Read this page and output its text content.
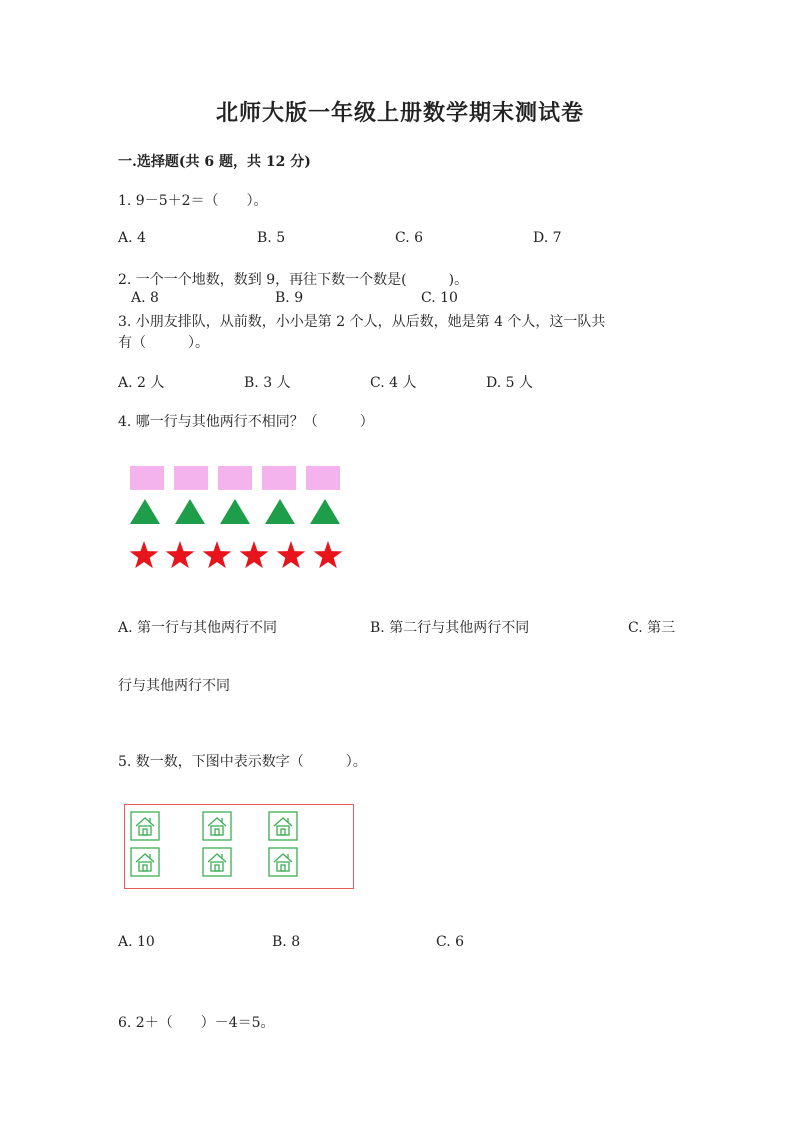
北师大版一年级上册数学期末测试卷
一.选择题(共 6 题，共 12 分)
1. 9－5＋2＝（　　）。
A. 4	B. 5	C. 6	D. 7
2. 一个一个地数，数到 9，再往下数一个数是(　　　)。
A. 8	B. 9	C. 10
3. 小朋友排队，从前数，小小是第 2 个人，从后数，她是第 4 个人，这一队共
有（　　　）。
A. 2 人	B. 3 人	C. 4 人	D. 5 人
4. 哪一行与其他两行不相同？（　　　）
A. 第一行与其他两行不同	B. 第二行与其他两行不同	C. 第三
行与其他两行不同
5. 数一数，下图中表示数字（　　　）。
A. 10	B. 8	C. 6
6. 2＋（　　）－4＝5。
